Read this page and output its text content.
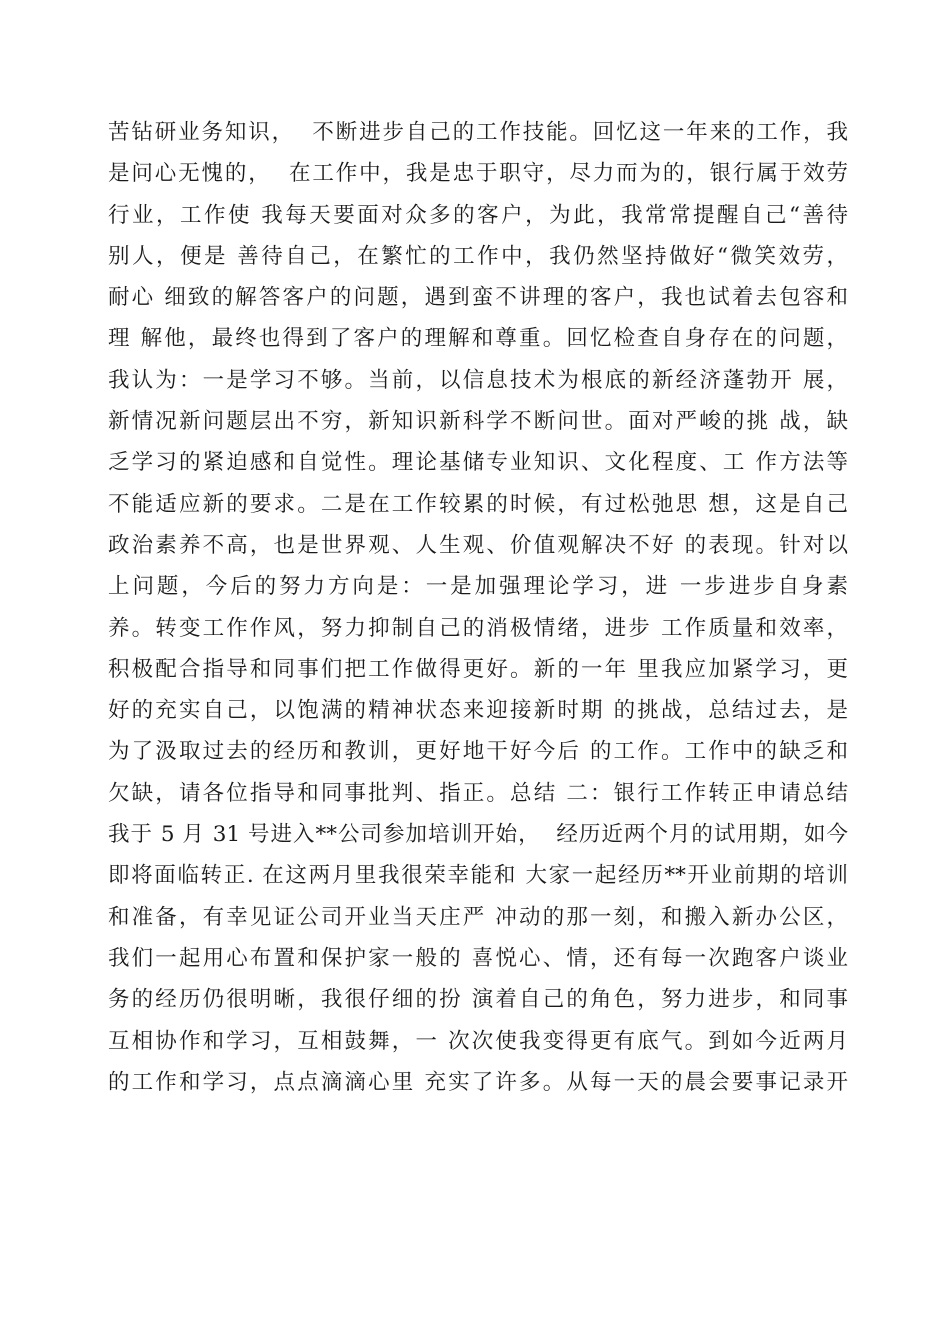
苦钻研业务知识，  不断进步自己的工作技能。回忆这一年来的工作，我
是问心无愧的，  在工作中，我是忠于职守，尽力而为的，银行属于效劳
行业，工作使 我每天要面对众多的客户，为此，我常常提醒自己“善待
别人，便是 善待自己，在繁忙的工作中，我仍然坚持做好“微笑效劳，
耐心 细致的解答客户的问题，遇到蛮不讲理的客户，我也试着去包容和
理 解他，最终也得到了客户的理解和尊重。回忆检查自身存在的问题，
我认为：一是学习不够。当前，以信息技术为根底的新经济蓬勃开 展，
新情况新问题层出不穷，新知识新科学不断问世。面对严峻的挑 战，缺
乏学习的紧迫感和自觉性。理论基储专业知识、文化程度、工 作方法等
不能适应新的要求。二是在工作较累的时候，有过松弛思 想，这是自己
政治素养不高，也是世界观、人生观、价值观解决不好 的表现。针对以
上问题，今后的努力方向是：一是加强理论学习，进 一步进步自身素
养。转变工作作风，努力抑制自己的消极情绪，进步 工作质量和效率，
积极配合指导和同事们把工作做得更好。新的一年 里我应加紧学习，更
好的充实自己，以饱满的精神状态来迎接新时期 的挑战，总结过去，是
为了汲取过去的经历和教训，更好地干好今后 的工作。工作中的缺乏和
欠缺，请各位指导和同事批判、指正。总结 二：银行工作转正申请总结
我于 5 月 31 号进入**公司参加培训开始，  经历近两个月的试用期，如今
即将面临转正. 在这两月里我很荣幸能和 大家一起经历**开业前期的培训
和准备，有幸见证公司开业当天庄严 冲动的那一刻，和搬入新办公区，
我们一起用心布置和保护家一般的 喜悦心、情，还有每一次跑客户谈业
务的经历仍很明晰，我很仔细的扮 演着自己的角色，努力进步，和同事
互相协作和学习，互相鼓舞，一 次次使我变得更有底气。到如今近两月
的工作和学习，点点滴滴心里 充实了许多。从每一天的晨会要事记录开
